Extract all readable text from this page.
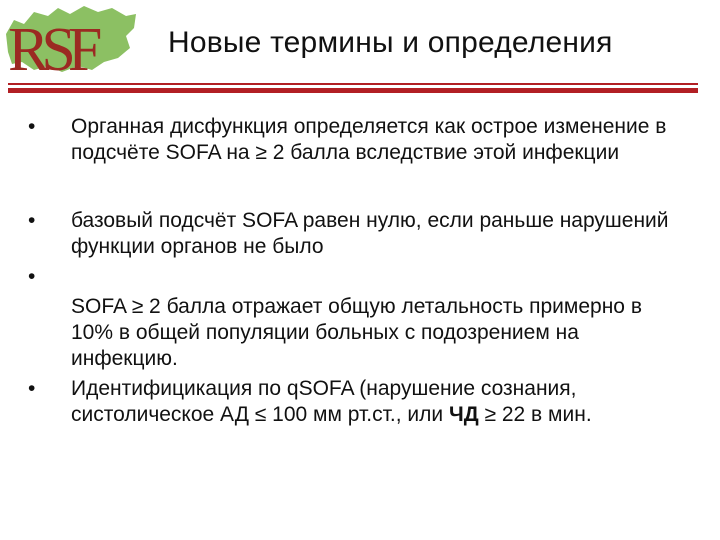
RSF Новые термины и определения
• Органная дисфункция определяется как острое изменение в подсчёте SOFA на ≥ 2 балла вследствие этой инфекции
• базовый подсчёт SOFA равен нулю, если раньше нарушений функции органов не было
•

SOFA ≥ 2 балла отражает общую летальность примерно в 10% в общей популяции больных с подозрением на инфекцию.
• Идентифицикация по qSOFA (нарушение сознания, систолическое АД ≤ 100 мм рт.ст., или ЧД ≥ 22 в мин.
